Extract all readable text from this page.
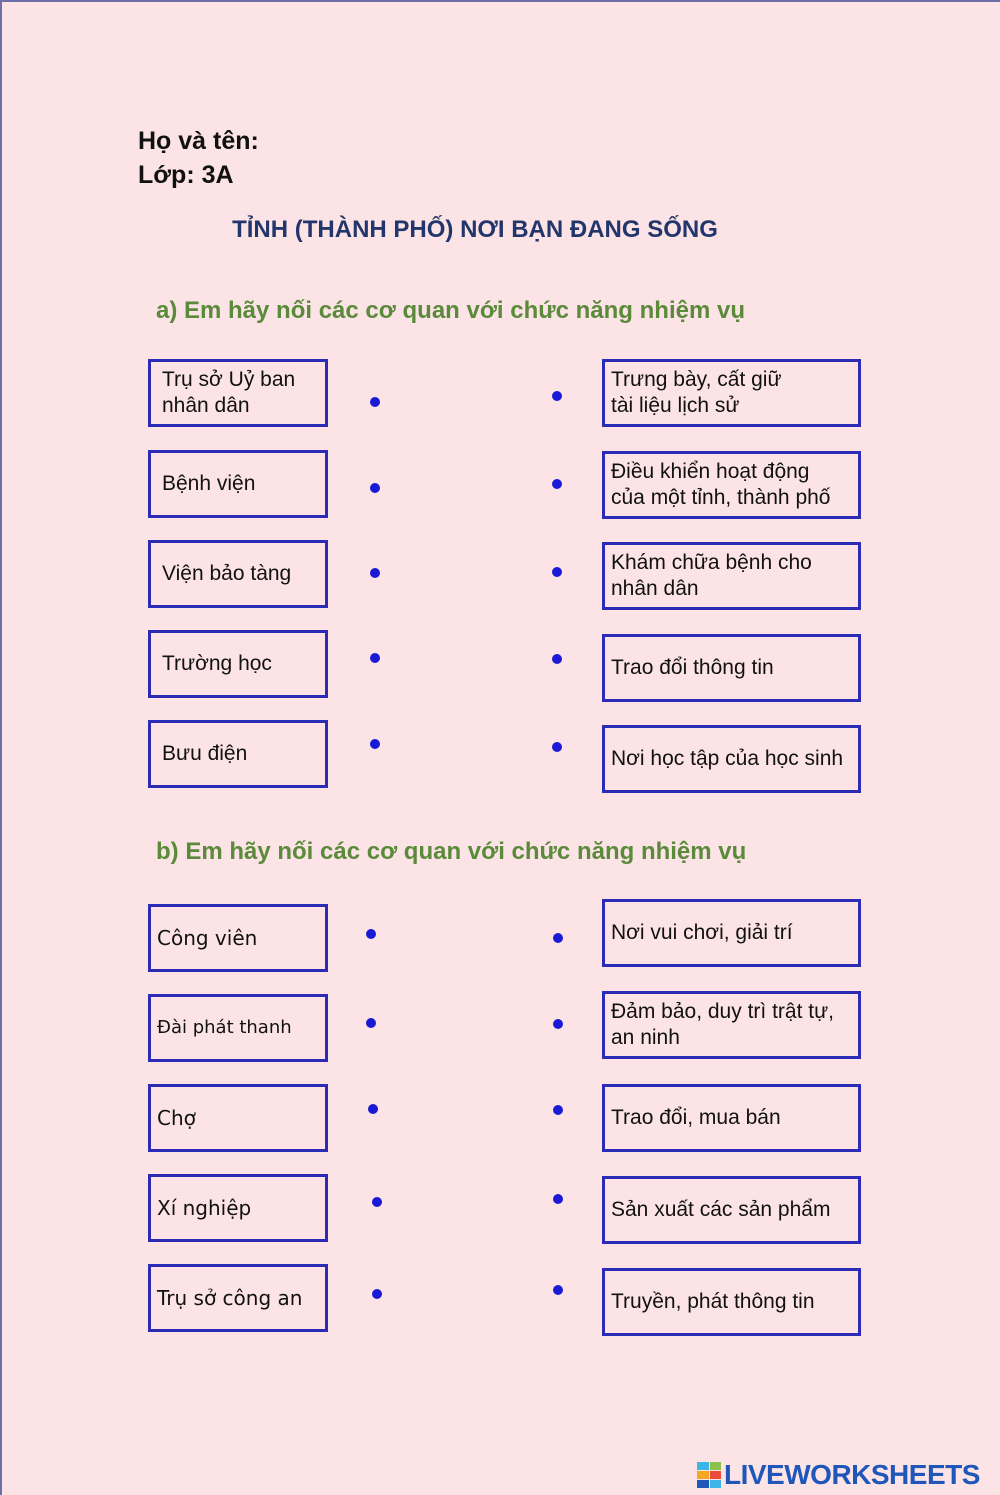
Họ và tên:
Lớp: 3A
TỈNH (THÀNH PHỐ) NƠI BẠN ĐANG SỐNG
a) Em hãy nối các cơ quan với chức năng nhiệm vụ
Trụ sở Uỷ ban
nhân dân
Bệnh viện
Viện bảo tàng
Trường học
Bưu điện
Trưng bày, cất giữ
tài liệu lịch sử
Điều khiển hoạt động
của một tỉnh, thành phố
Khám chữa bệnh cho
nhân dân
Trao đổi thông tin
Nơi học tập của học sinh
b) Em hãy nối các cơ quan với chức năng nhiệm vụ
Công viên
Đài phát thanh
Chợ
Xí nghiệp
Trụ sở công an
Nơi vui chơi, giải trí
Đảm bảo, duy trì trật tự,
an ninh
Trao đổi, mua bán
Sản xuất các sản phẩm
Truyền, phát thông tin
LIVEWORKSHEETS
